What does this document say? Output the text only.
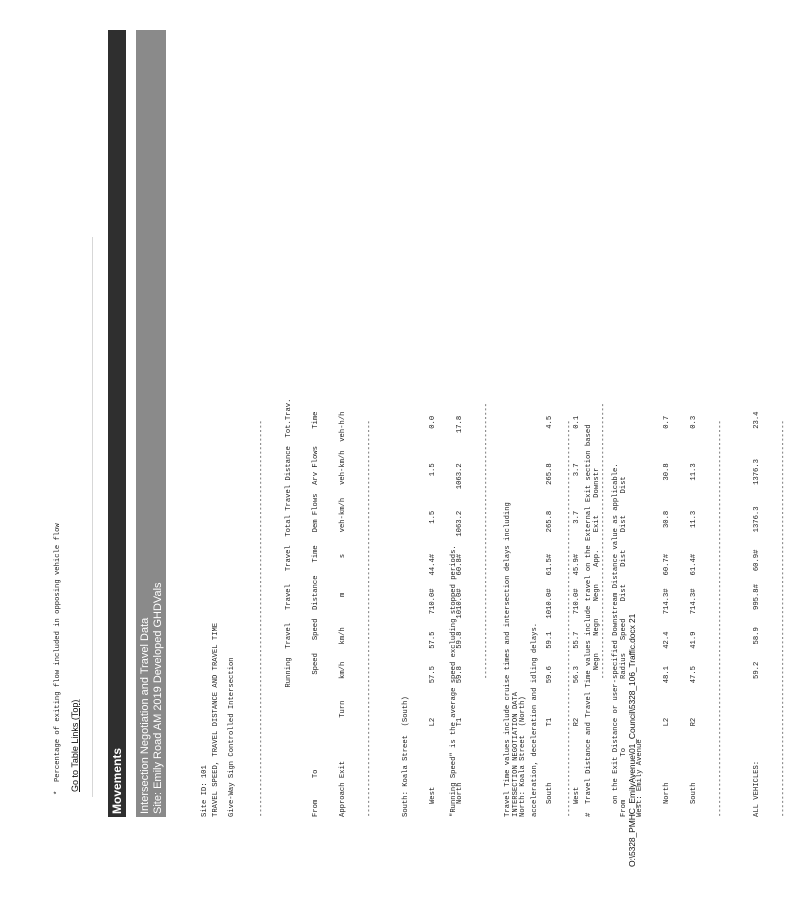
*  Percentage of exiting flow included in opposing vehicle flow Go to Table Links (Top)	Movements Intersection Negotiation and Travel Data Site: Emily Road AM 2019 Developed GHDVals

	Site ID: 101

	Give-Way Sign Controlled Intersection

TRAVEL SPEED, TRAVEL DISTANCE AND TRAVEL TIME

	--------------------------------------------------------------------------------------------

	Running  Travel   Travel   Travel  Total Travel Distance  Tot.Trav.

	From     To                      Speed   Speed  Distance   Time   Dem Flows  Arv Flows    Time

	Approach Exit          Turn     km/h    km/h       m        s     veh-km/h   veh-km/h  veh-h/h

	--------------------------------------------------------------------------------------------

	South: Koala Street  (South)

	West              L2        57.5    57.5    710.0#   44.4#       1.5        1.5        0.0

	North             T1        59.8    59.8   1010.0#   60.8#    1063.2     1063.2       17.8

	----------------------------------------------------------------

	North: Koala Street  (North)

	South             T1        59.6    59.1   1010.0#   61.5#     265.8      265.8        4.5

	West              R2        56.3    55.7    710.0#   45.9#       3.7        3.7        0.1

	----------------------------------------------------------------

	West: Emily Avenue

	North             L2        48.1    42.4    714.3#   60.7#      30.8       30.8        0.7

	South             R2        47.5    41.9    714.3#   61.4#      11.3       11.3        0.3

	--------------------------------------------------------------------------------------------

	ALL VEHICLES:                   59.2    58.9    995.8#   60.9#    1376.3     1376.3       23.4

	--------------------------------------------------------------------------------------------

"Running Speed" is the average speed excluding stopped periods.

	Travel Time values include cruise times and intersection delays including

	acceleration, deceleration and idling delays.

	#  Travel Distance and Travel Time values include travel on the External Exit section based

	on the Exit Distance or user-specified Downstream Distance value as applicable.

INTERSECTION NEGOTIATION DATA

	--------------------------------------------------------------------------------------------

	Negn    Negn    Negn    App.    Exit    Downstr

	From          To                Radius   Speed    Dist    Dist    Dist     Dist

O:\5328_PMHC_EmilyAvenue\01_Council\5328_106_Traffic.docx 21
